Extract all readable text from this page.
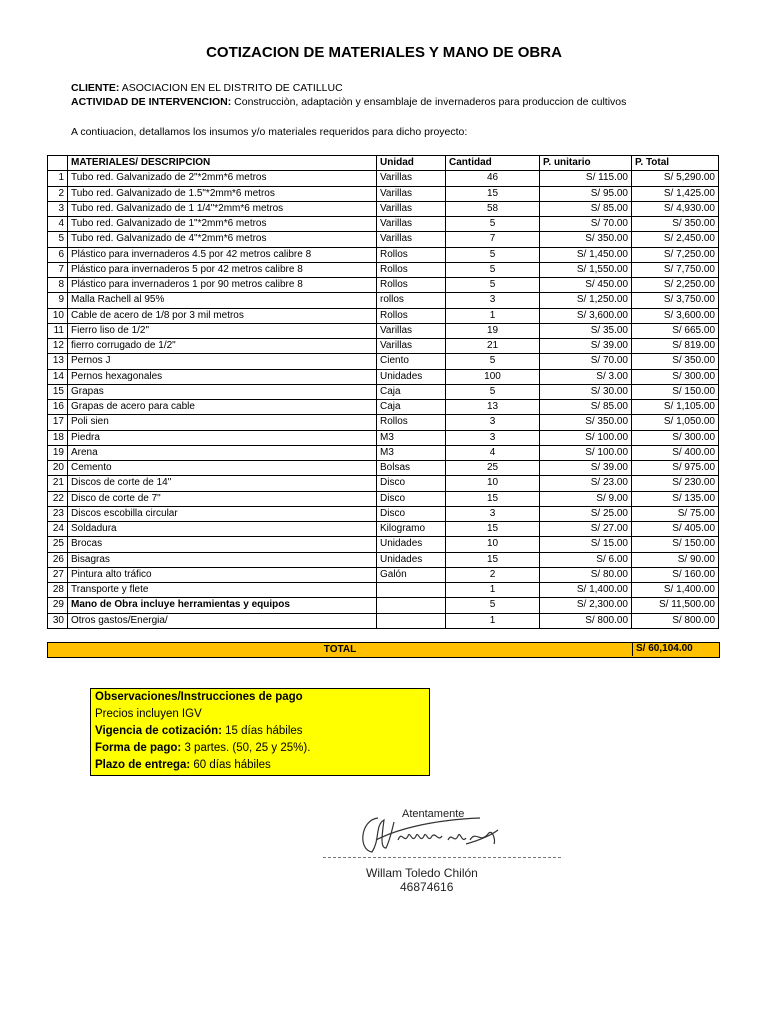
COTIZACION DE MATERIALES Y MANO DE OBRA
CLIENTE: ASOCIACION EN EL DISTRITO DE CATILLUC
ACTIVIDAD DE INTERVENCION: Construcciòn, adaptaciòn y ensamblaje de invernaderos para produccion de cultivos
A contiuacion, detallamos los insumos y/o materiales requeridos para dicho proyecto:
	MATERIALES/ DESCRIPCION	Unidad	Cantidad	P. unitario	P. Total
1	Tubo red. Galvanizado de 2"*2mm*6 metros	Varillas	46	S/ 115.00	S/ 5,290.00
2	Tubo red. Galvanizado de 1.5"*2mm*6 metros	Varillas	15	S/ 95.00	S/ 1,425.00
3	Tubo red. Galvanizado de 1 1/4"*2mm*6 metros	Varillas	58	S/ 85.00	S/ 4,930.00
4	Tubo red. Galvanizado de 1"*2mm*6 metros	Varillas	5	S/ 70.00	S/ 350.00
5	Tubo red. Galvanizado de 4"*2mm*6 metros	Varillas	7	S/ 350.00	S/ 2,450.00
6	Plástico para invernaderos 4.5 por 42 metros calibre 8	Rollos	5	S/ 1,450.00	S/ 7,250.00
7	Plástico para invernaderos 5 por 42 metros calibre 8	Rollos	5	S/ 1,550.00	S/ 7,750.00
8	Plástico para invernaderos 1 por 90 metros calibre 8	Rollos	5	S/ 450.00	S/ 2,250.00
9	Malla Rachell al 95%	rollos	3	S/ 1,250.00	S/ 3,750.00
10	Cable de acero de 1/8 por 3 mil metros	Rollos	1	S/ 3,600.00	S/ 3,600.00
11	Fierro liso de 1/2"	Varillas	19	S/ 35.00	S/ 665.00
12	fierro corrugado de 1/2"	Varillas	21	S/ 39.00	S/ 819.00
13	Pernos J	Ciento	5	S/ 70.00	S/ 350.00
14	Pernos hexagonales	Unidades	100	S/ 3.00	S/ 300.00
15	Grapas	Caja	5	S/ 30.00	S/ 150.00
16	Grapas de acero para cable	Caja	13	S/ 85.00	S/ 1,105.00
17	Poli sien	Rollos	3	S/ 350.00	S/ 1,050.00
18	Piedra	M3	3	S/ 100.00	S/ 300.00
19	Arena	M3	4	S/ 100.00	S/ 400.00
20	Cemento	Bolsas	25	S/ 39.00	S/ 975.00
21	Discos de corte de 14"	Disco	10	S/ 23.00	S/ 230.00
22	Disco de corte de 7"	Disco	15	S/ 9.00	S/ 135.00
23	Discos escobilla circular	Disco	3	S/ 25.00	S/ 75.00
24	Soldadura	Kilogramo	15	S/ 27.00	S/ 405.00
25	Brocas	Unidades	10	S/ 15.00	S/ 150.00
26	Bisagras	Unidades	15	S/ 6.00	S/ 90.00
27	Pintura alto tráfico	Galón	2	S/ 80.00	S/ 160.00
28	Transporte y flete		1	S/ 1,400.00	S/ 1,400.00
29	Mano de Obra incluye herramientas y equipos		5	S/ 2,300.00	S/ 11,500.00
30	Otros gastos/Energia/		1	S/ 800.00	S/ 800.00
TOTAL	S/ 60,104.00
Observaciones/Instrucciones de pago
Precios incluyen IGV
Vigencia de cotización: 15 días hábiles
Forma de pago: 3 partes. (50, 25 y 25%).
Plazo de entrega: 60 días hábiles
Atentamente
Willam Toledo Chilón
46874616
